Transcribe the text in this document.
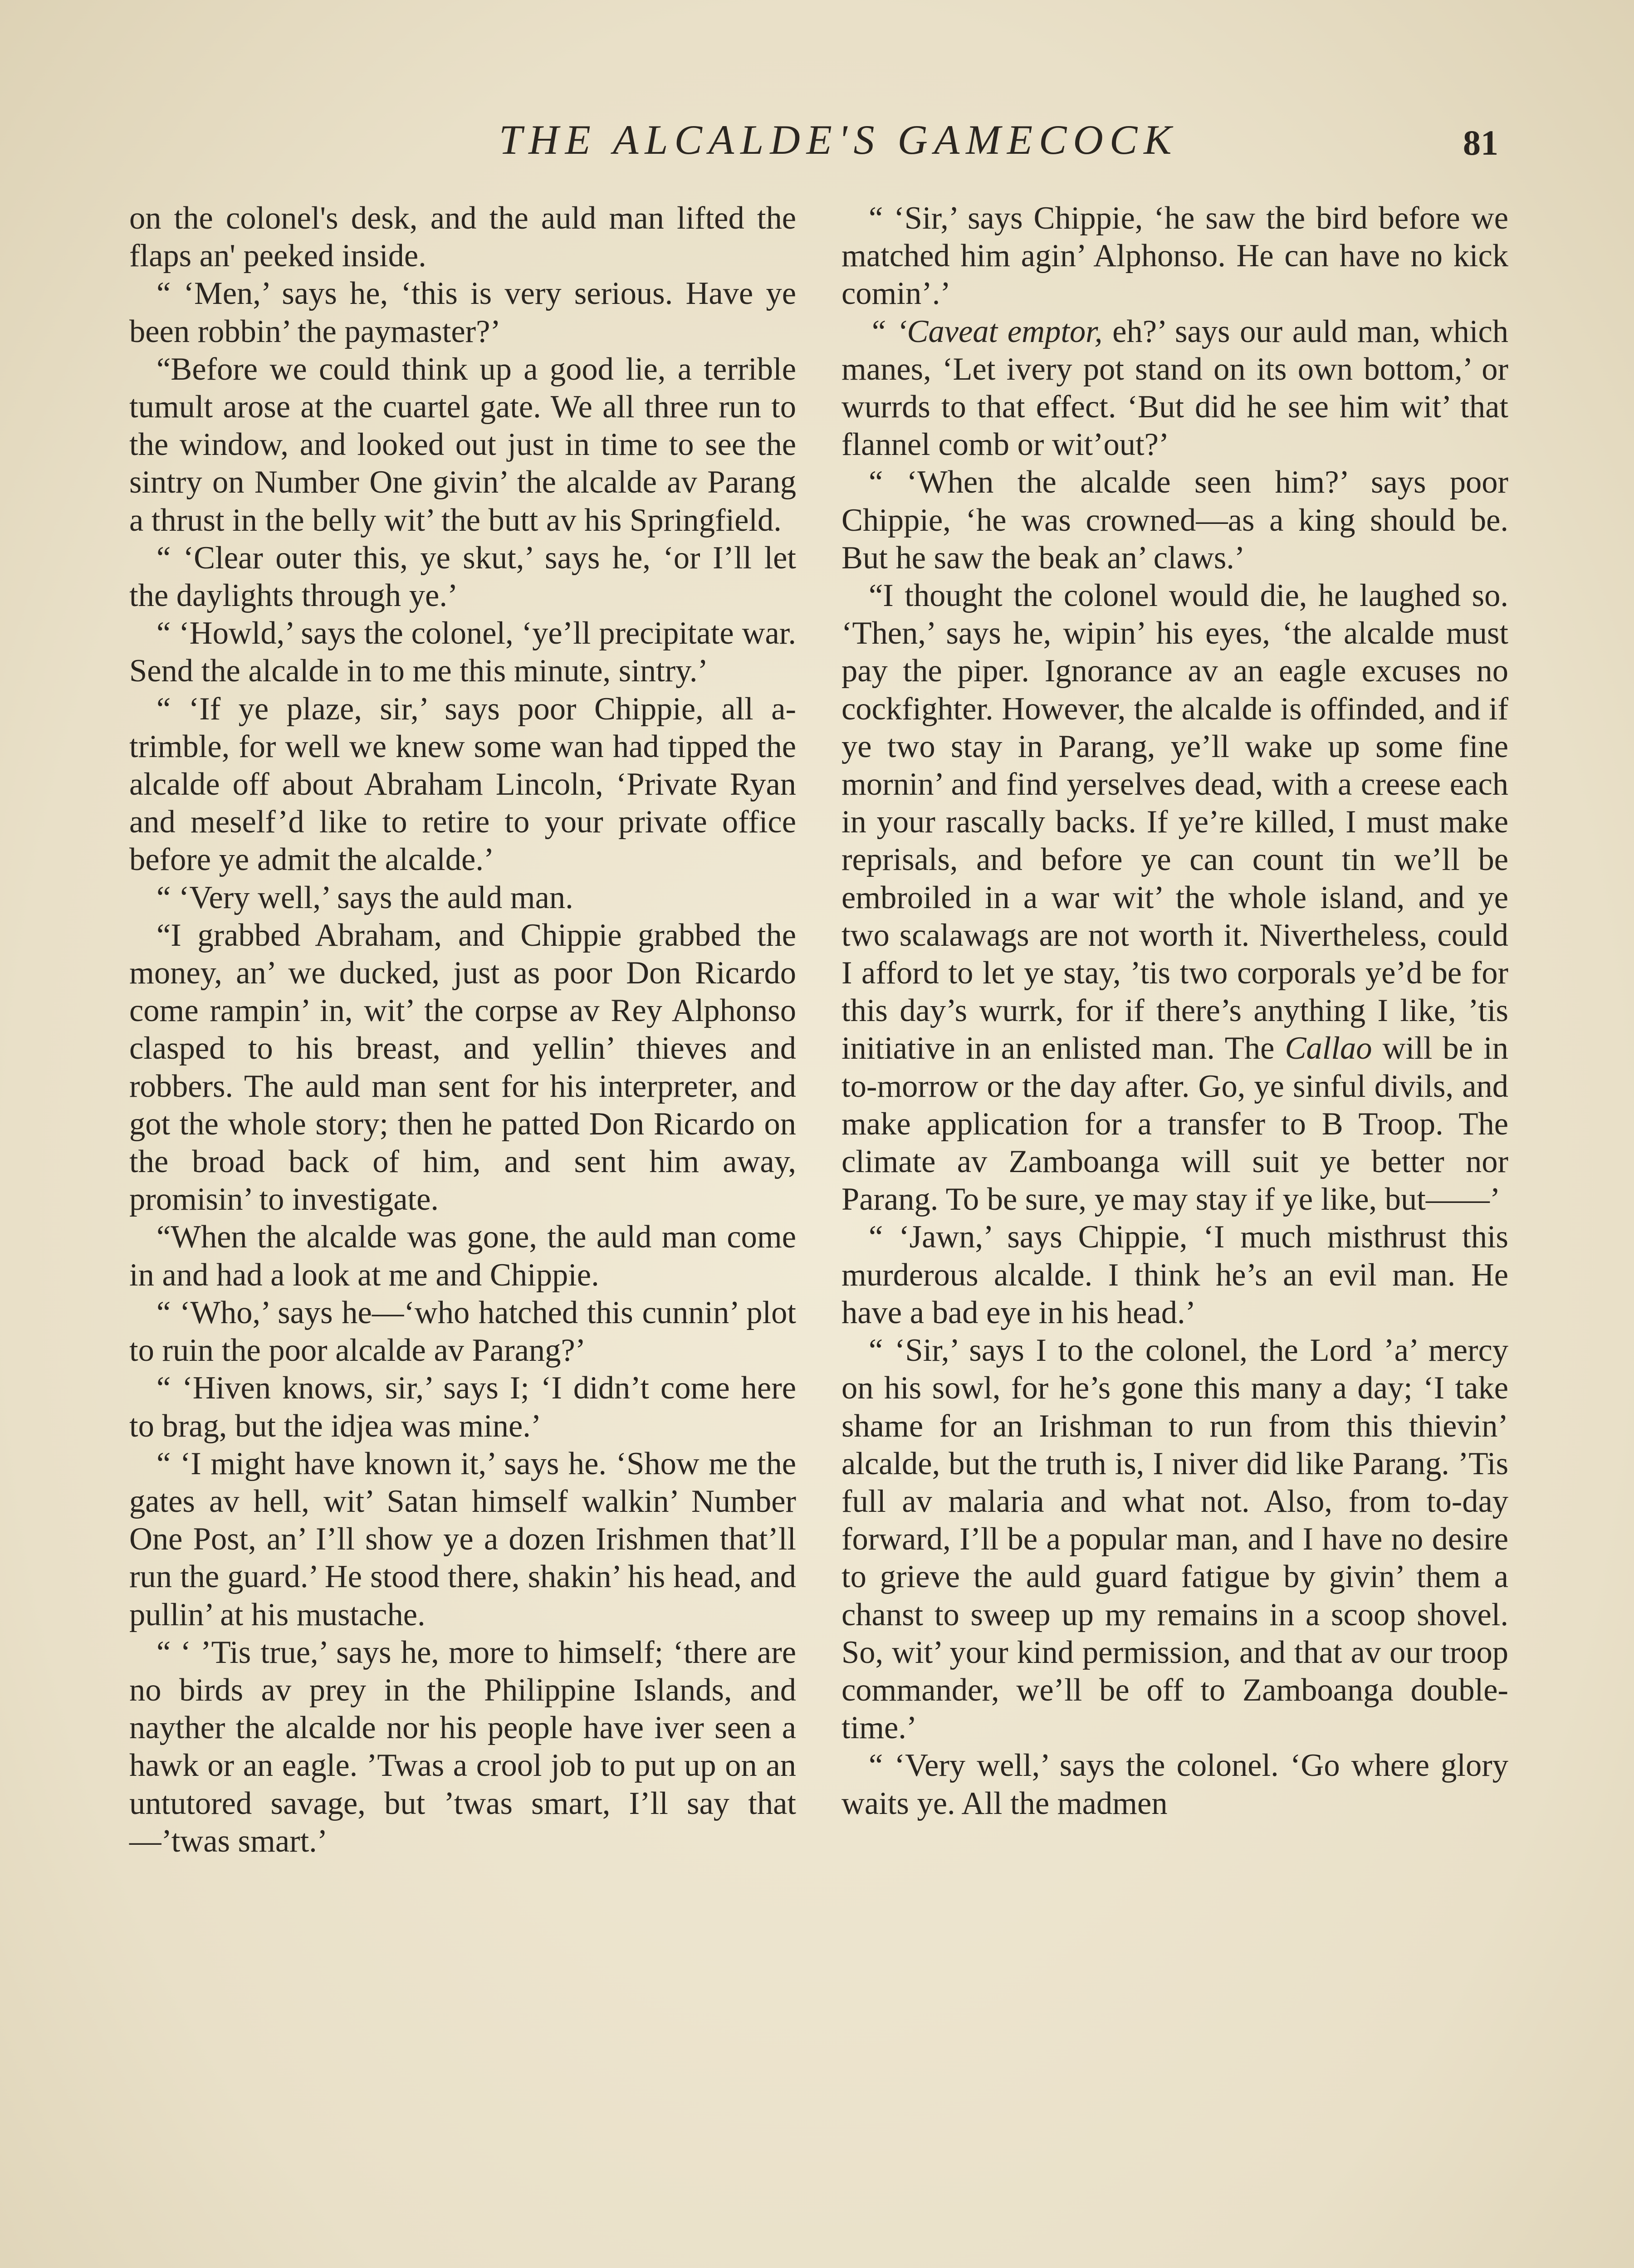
THE ALCALDE'S GAMECOCK	81

on the colonel's desk, and the auld man lifted the flaps an' peeked inside.

“ ‘Men,’ says he, ‘this is very serious. Have ye been robbin’ the paymaster?’

“Before we could think up a good lie, a terrible tumult arose at the cuartel gate. We all three run to the window, and looked out just in time to see the sintry on Number One givin’ the alcalde av Parang a thrust in the belly wit’ the butt av his Springfield.

“ ‘Clear outer this, ye skut,’ says he, ‘or I’ll let the daylights through ye.’

“ ‘Howld,’ says the colonel, ‘ye’ll precipitate war. Send the alcalde in to me this minute, sintry.’

“ ‘If ye plaze, sir,’ says poor Chippie, all a-trimble, for well we knew some wan had tipped the alcalde off about Abraham Lincoln, ‘Private Ryan and meself’d like to retire to your private office before ye admit the alcalde.’

“ ‘Very well,’ says the auld man.

“I grabbed Abraham, and Chippie grabbed the money, an’ we ducked, just as poor Don Ricardo come rampin’ in, wit’ the corpse av Rey Alphonso clasped to his breast, and yellin’ thieves and robbers. The auld man sent for his interpreter, and got the whole story; then he patted Don Ricardo on the broad back of him, and sent him away, promisin’ to investigate.

“When the alcalde was gone, the auld man come in and had a look at me and Chippie.

“ ‘Who,’ says he—‘who hatched this cunnin’ plot to ruin the poor alcalde av Parang?’

“ ‘Hiven knows, sir,’ says I; ‘I didn’t come here to brag, but the idjea was mine.’

“ ‘I might have known it,’ says he. ‘Show me the gates av hell, wit’ Satan himself walkin’ Number One Post, an’ I’ll show ye a dozen Irishmen that’ll run the guard.’ He stood there, shakin’ his head, and pullin’ at his mustache.

“ ‘ ’Tis true,’ says he, more to himself; ‘there are no birds av prey in the Philippine Islands, and nayther the alcalde nor his people have iver seen a hawk or an eagle. ’Twas a crool job to put up on an untutored savage, but ’twas smart, I’ll say that—’twas smart.’

“ ‘Sir,’ says Chippie, ‘he saw the bird before we matched him agin’ Alphonso. He can have no kick comin’.’

“ ‘Caveat emptor, eh?’ says our auld man, which manes, ‘Let ivery pot stand on its own bottom,’ or wurrds to that effect. ‘But did he see him wit’ that flannel comb or wit’out?’

“ ‘When the alcalde seen him?’ says poor Chippie, ‘he was crowned—as a king should be. But he saw the beak an’ claws.’

“I thought the colonel would die, he laughed so. ‘Then,’ says he, wipin’ his eyes, ‘the alcalde must pay the piper. Ignorance av an eagle excuses no cockfighter. However, the alcalde is offinded, and if ye two stay in Parang, ye’ll wake up some fine mornin’ and find yerselves dead, with a creese each in your rascally backs. If ye’re killed, I must make reprisals, and before ye can count tin we’ll be embroiled in a war wit’ the whole island, and ye two scalawags are not worth it. Nivertheless, could I afford to let ye stay, ’tis two corporals ye’d be for this day’s wurrk, for if there’s anything I like, ’tis initiative in an enlisted man. The Callao will be in to-morrow or the day after. Go, ye sinful divils, and make application for a transfer to B Troop. The climate av Zamboanga will suit ye better nor Parang. To be sure, ye may stay if ye like, but——’

“ ‘Jawn,’ says Chippie, ‘I much misthrust this murderous alcalde. I think he’s an evil man. He have a bad eye in his head.’

“ ‘Sir,’ says I to the colonel, the Lord ’a’ mercy on his sowl, for he’s gone this many a day; ‘I take shame for an Irishman to run from this thievin’ alcalde, but the truth is, I niver did like Parang. ’Tis full av malaria and what not. Also, from to-day forward, I’ll be a popular man, and I have no desire to grieve the auld guard fatigue by givin’ them a chanst to sweep up my remains in a scoop shovel. So, wit’ your kind permission, and that av our troop commander, we’ll be off to Zamboanga double-time.’

“ ‘Very well,’ says the colonel. ‘Go where glory waits ye. All the madmen
